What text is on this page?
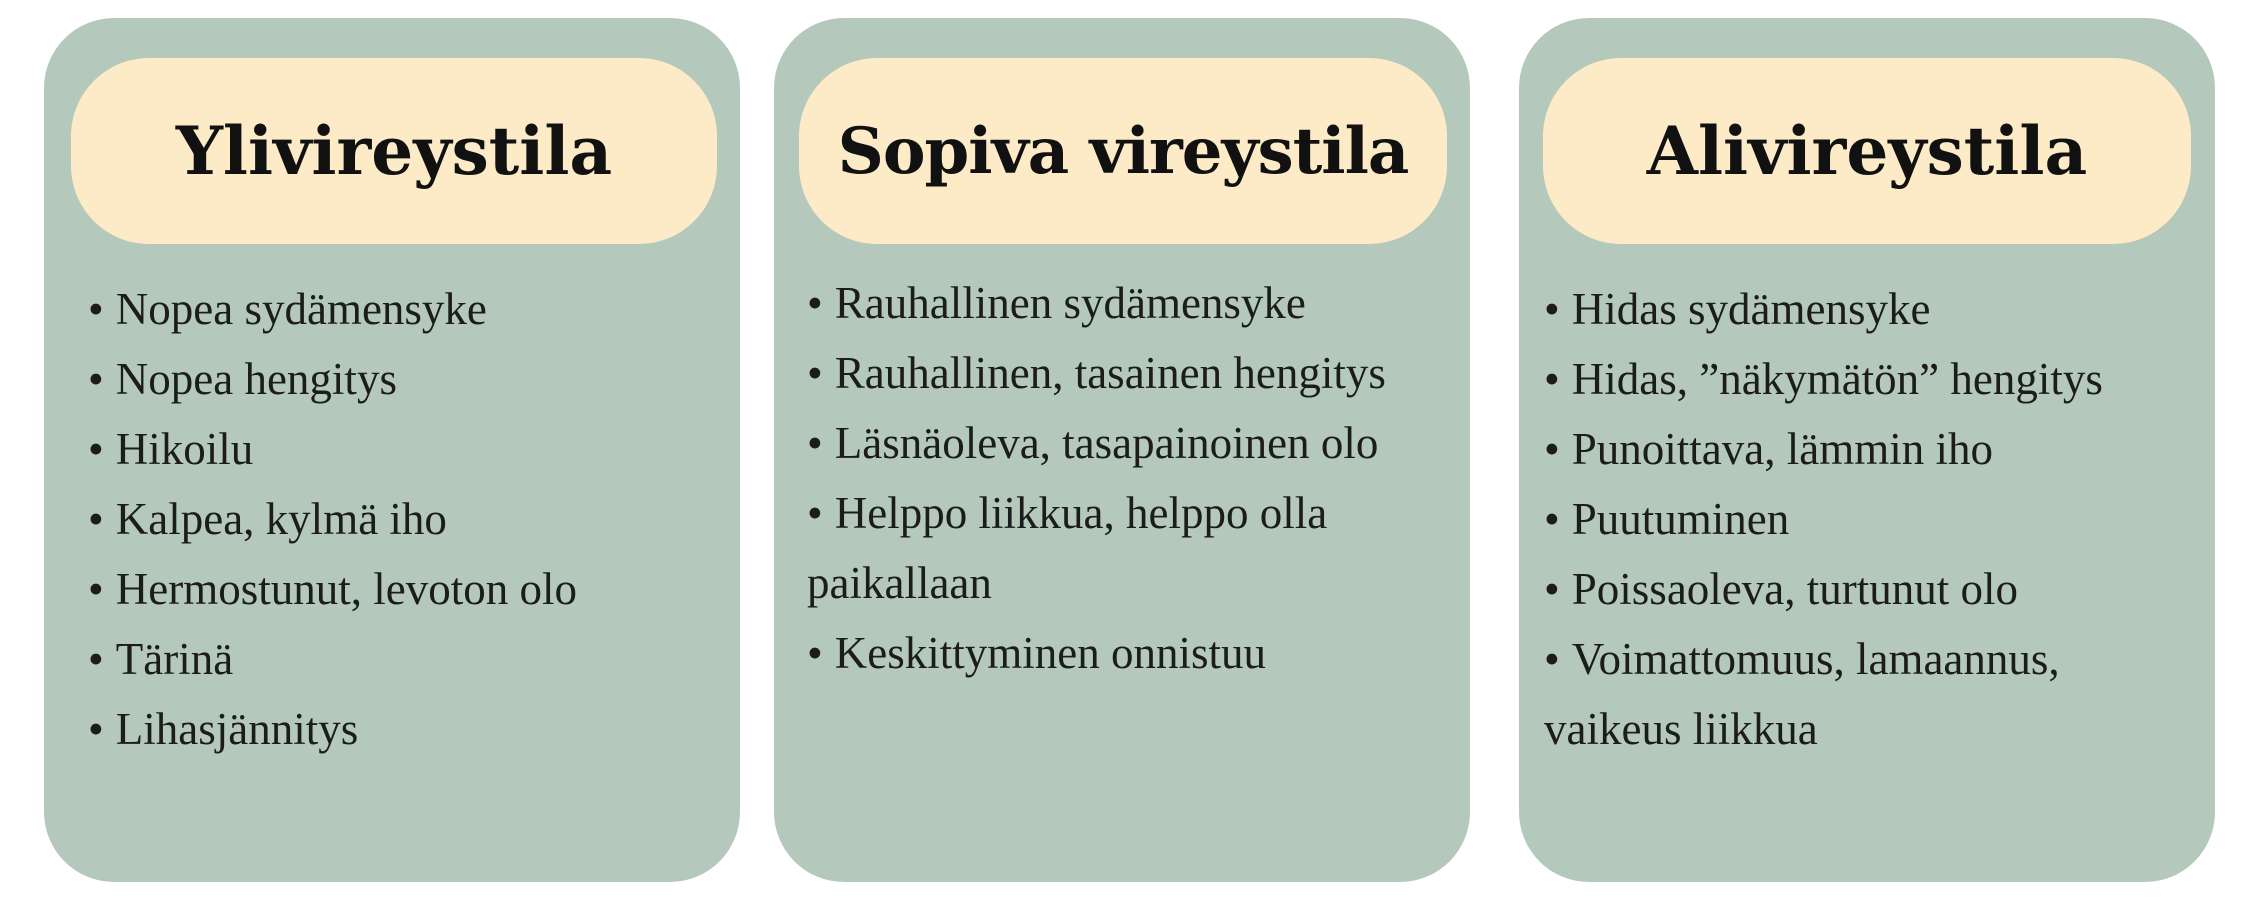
Ylivireystila
• Nopea sydämensyke
• Nopea hengitys
• Hikoilu
• Kalpea, kylmä iho
• Hermostunut, levoton olo
• Tärinä
• Lihasjännitys
Sopiva vireystila
• Rauhallinen sydämensyke
• Rauhallinen, tasainen hengitys
• Läsnäoleva, tasapainoinen olo
• Helppo liikkua, helppo olla paikallaan
• Keskittyminen onnistuu
Alivireystila
• Hidas sydämensyke
• Hidas, ”näkymätön” hengitys
• Punoittava, lämmin iho
• Puutuminen
• Poissaoleva, turtunut olo
• Voimattomuus, lamaannus, vaikeus liikkua
